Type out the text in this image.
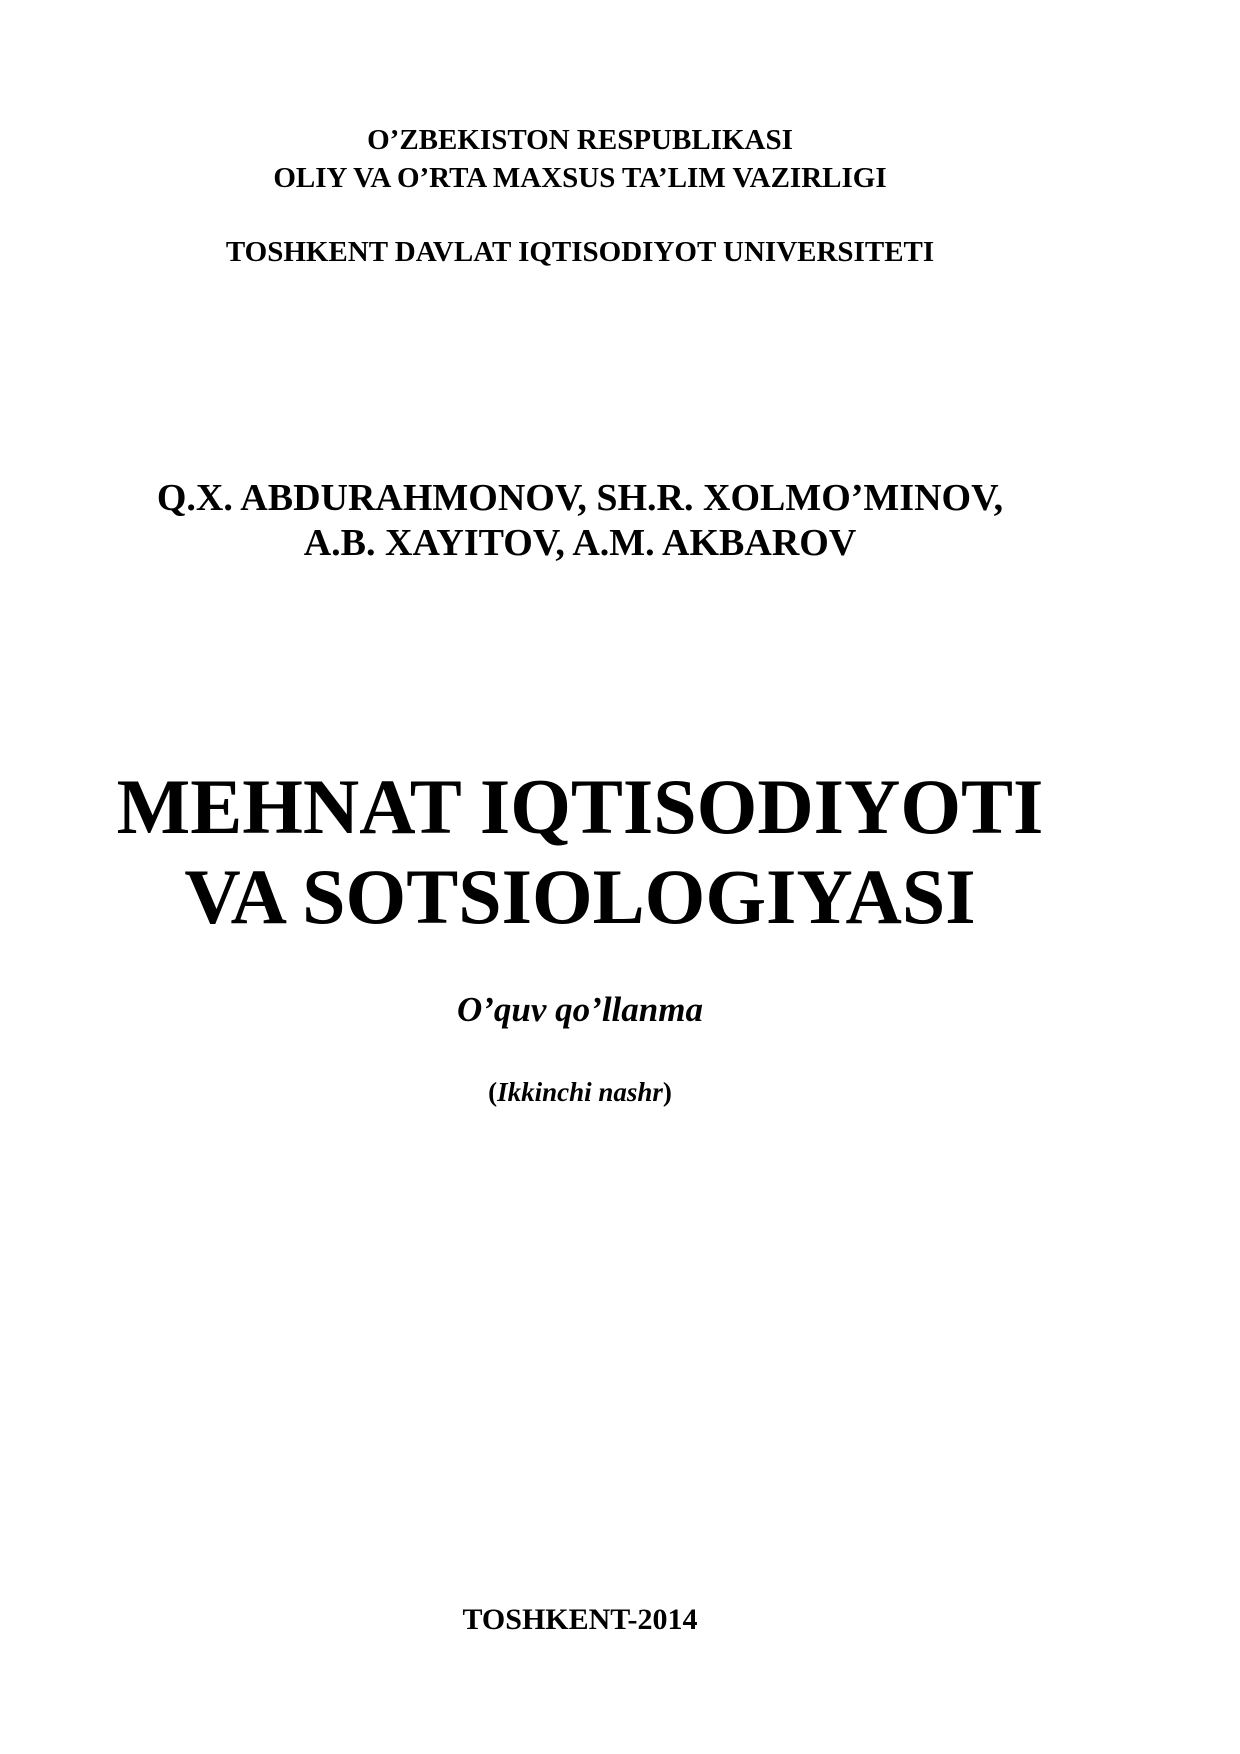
O’ZBEKISTON RESPUBLIKASI
OLIY VA O’RTA MAXSUS TA’LIM VAZIRLIGI
TOSHKENT DAVLAT IQTISODIYOT UNIVERSITETI
Q.X. ABDURAHMONOV, SH.R. XOLMO’MINOV,
A.B. XAYITOV, A.M. AKBAROV
MEHNAT IQTISODIYOTI
VA SOTSIOLOGIYASI
O’quv qo’llanma
(Ikkinchi nashr)
TOSHKENT-2014
